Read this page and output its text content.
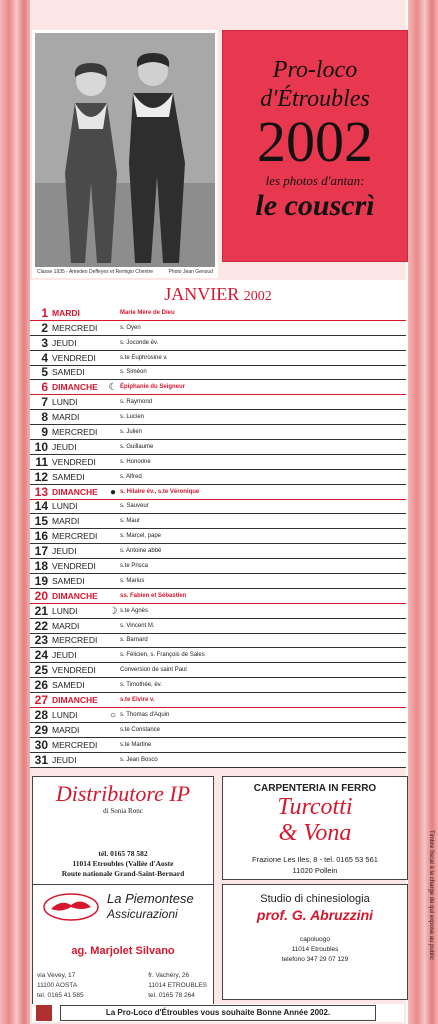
Classe 1935 - Amedeo Deffeyes et Remigio Chentre	Photo Jean Genoud
Pro-loco
d'Étroubles
2002
les photos d'antan:
le couscrì
JANVIER 2002
1 MARDI	Marie Mère de Dieu
2 MERCREDI	s. Oyen
3 JEUDI	s. Joconde év.
4 VENDREDI	s.te Euphrosine v.
5 SAMEDI	s. Siméon
6 DIMANCHE	☾ Épiphanie du Seigneur
7 LUNDI	s. Raymond
8 MARDI	s. Lucien
9 MERCREDI	s. Julien
10 JEUDI	s. Guillaume
11 VENDREDI	s. Honorine
12 SAMEDI	s. Alfred
13 DIMANCHE	● s. Hilaire év., s.te Véronique
14 LUNDI	s. Sauveur
15 MARDI	s. Maur
16 MERCREDI	s. Marcel, pape
17 JEUDI	s. Antoine abbé
18 VENDREDI	s.te Prisca
19 SAMEDI	s. Marius
20 DIMANCHE	ss. Fabien et Sébastien
21 LUNDI	☽ s.te Agnès
22 MARDI	s. Vincent M.
23 MERCREDI	s. Barnard
24 JEUDI	s. Félicien, s. François de Sales
25 VENDREDI	Conversion de saint Paul
26 SAMEDI	s. Timothée, év.
27 DIMANCHE	s.te Elvire v.
28 LUNDI	○ s. Thomas d'Aquin
29 MARDI	s.te Constance
30 MERCREDI	s.te Martine
31 JEUDI	s. Jean Bosco
Distributore IP
di Sonia Ronc
tél. 0165 78 582
11014 Etroubles (Vallée d'Aoste
Route nationale Grand-Saint-Bernard
La Piemontese
Assicurazioni
ag. Marjolet Silvano
via Vevey, 17
11100 AOSTA
tel. 0165 41 585
fr. Vachéry, 26
11014 ETROUBLES
tel. 0165 78 264
CARPENTERIA IN FERRO
Turcotti
& Vona
Frazione Les Iles, 8 - tel. 0165 53 561
11020 Pollein
Studio di chinesiologia
prof. G. Abruzzini
capoluogo
11014 Etroubles
telefono 347 29 07 129
La Pro-Loco d'Étroubles vous souhaite Bonne Année 2002.
Timbre fiscal à la charge de qui expose au public
